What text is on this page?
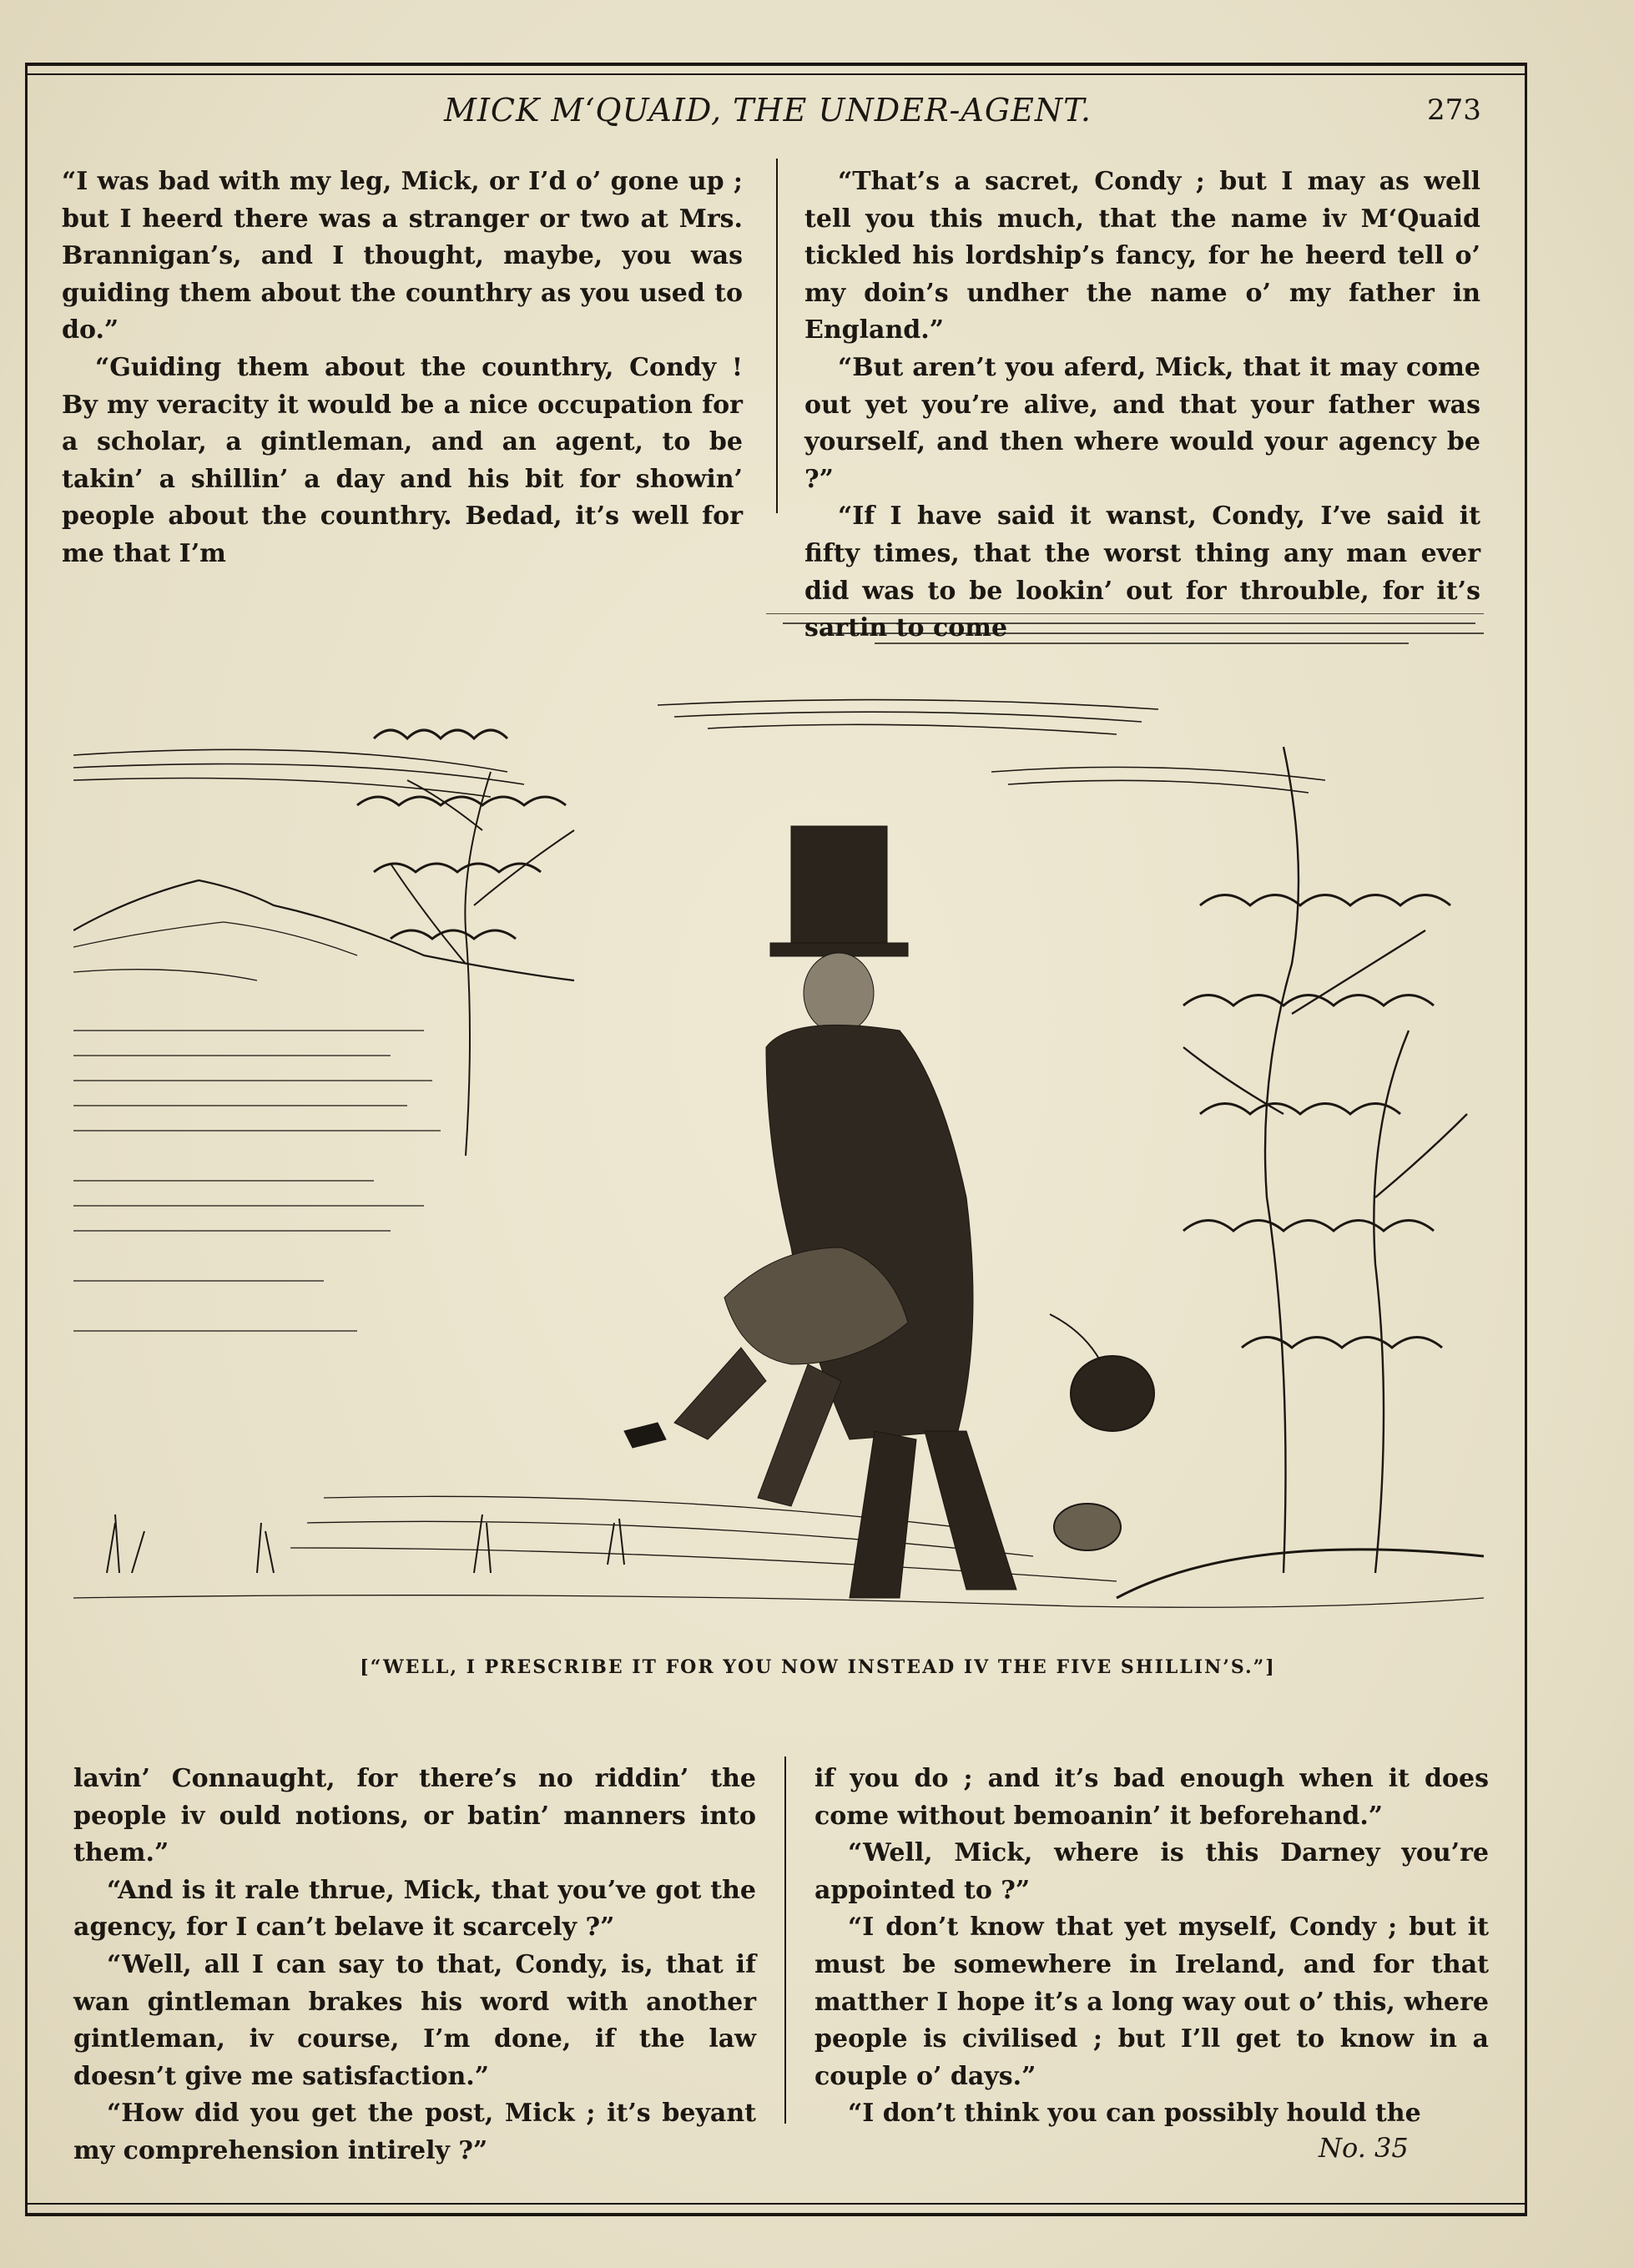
MICK M‘QUAID, THE UNDER-AGENT.	273

“I was bad with my leg, Mick, or I’d o’ gone up ; but I heerd there was a stranger or two at Mrs. Brannigan’s, and I thought, maybe, you was guiding them about the counthry as you used to do.”

“Guiding them about the counthry, Condy ! By my veracity it would be a nice occupation for a scholar, a gintleman, and an agent, to be takin’ a shillin’ a day and his bit for showin’ people about the counthry. Bedad, it’s well for me that I’m

“That’s a sacret, Condy ; but I may as well tell you this much, that the name iv M‘Quaid tickled his lordship’s fancy, for he heerd tell o’ my doin’s undher the name o’ my father in England.”

“But aren’t you aferd, Mick, that it may come out yet you’re alive, and that your father was yourself, and then where would your agency be ?”

“If I have said it wanst, Condy, I’ve said it fifty times, that the worst thing any man ever did was to be lookin’ out for throuble, for it’s sartin to come

[“WELL, I PRESCRIBE IT FOR YOU NOW INSTEAD IV THE FIVE SHILLIN’S.”]

lavin’ Connaught, for there’s no riddin’ the people iv ould notions, or batin’ manners into them.”

“And is it rale thrue, Mick, that you’ve got the agency, for I can’t belave it scarcely ?”

“Well, all I can say to that, Condy, is, that if wan gintleman brakes his word with another gintleman, iv course, I’m done, if the law doesn’t give me satisfaction.”

“How did you get the post, Mick ; it’s beyant my comprehension intirely ?”

if you do ; and it’s bad enough when it does come without bemoanin’ it beforehand.”

“Well, Mick, where is this Darney you’re appointed to ?”

“I don’t know that yet myself, Condy ; but it must be somewhere in Ireland, and for that matther I hope it’s a long way out o’ this, where people is civilised ; but I’ll get to know in a couple o’ days.”

“I don’t think you can possibly hould the

No. 35
